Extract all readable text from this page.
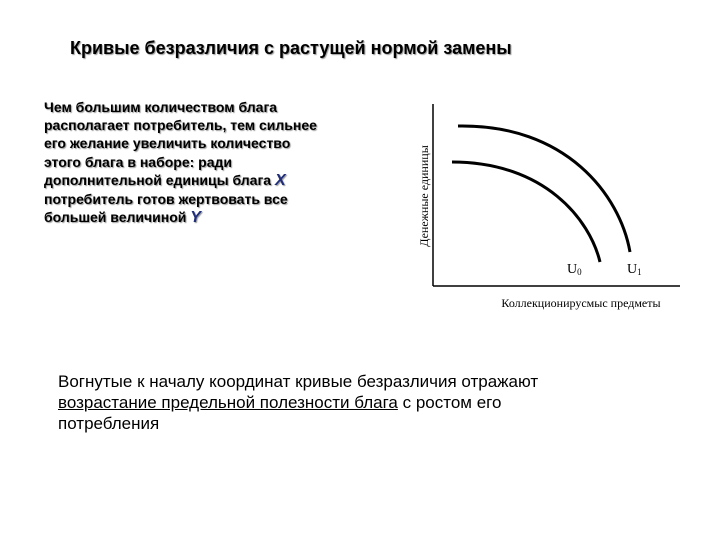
Кривые безразличия с растущей нормой замены
Чем большим количеством блага
располагает потребитель, тем сильнее
его желание увеличить количество
этого блага в наборе: ради
дополнительной единицы блага X
потребитель готов жертвовать все
большей величиной Y	Денежные единицы
Коллекционирусмыс предметы
U0	U1
Вогнутые к началу координат кривые безразличия отражают
возрастание предельной полезности блага с ростом его
потребления
